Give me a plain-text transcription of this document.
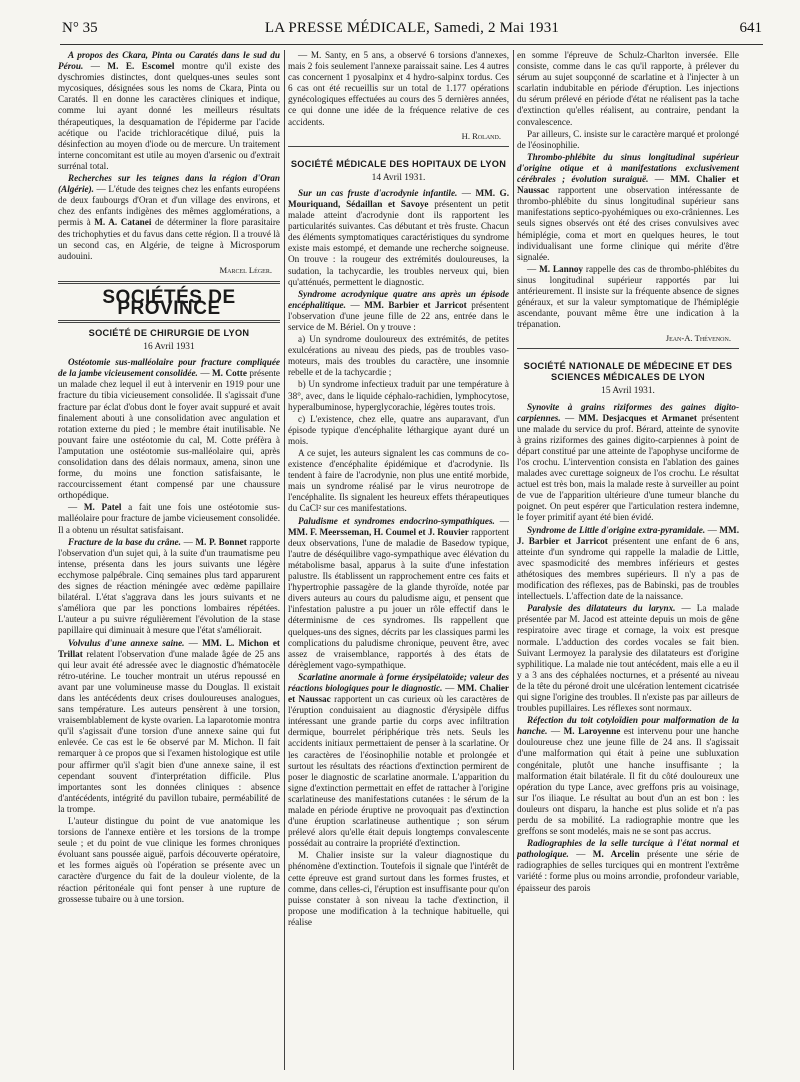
N° 35	LA PRESSE MÉDICALE, Samedi, 2 Mai 1931	641

A propos des Ckara, Pinta ou Caratés dans le sud du Pérou. — M. E. Escomel montre qu'il existe des dyschromies distinctes, dont quelques-unes seules sont mycosiques, désignées sous les noms de Ckara, Pinta ou Caratés. Il en donne les caractères cliniques et indique, comme lui ayant donné les meilleurs résultats thérapeutiques, la desquamation de l'épiderme par l'acide acétique ou l'acide trichloracétique dilué, puis la désinfection au moyen d'iode ou de mercure. Un traitement interne concomitant est utile au moyen d'arsenic ou d'extrait surrénal total.

Recherches sur les teignes dans la région d'Oran (Algérie). — L'étude des teignes chez les enfants européens de deux faubourgs d'Oran et d'un village des environs, et chez des enfants indigènes des mêmes agglomérations, a permis à M. A. Catanei de déterminer la flore parasitaire des trichophyties et du favus dans cette région. Il a trouvé là un second cas, en Algérie, de teigne à Microsporum audouini.

Marcel Léger.
SOCIÉTÉS DE PROVINCE
SOCIÉTÉ DE CHIRURGIE DE LYON
16 Avril 1931

Ostéotomie sus-malléolaire pour fracture compliquée de la jambe vicieusement consolidée. — M. Cotte présente un malade chez lequel il eut à intervenir en 1919 pour une fracture du tibia vicieusement consolidée. Il s'agissait d'une fracture par éclat d'obus dont le foyer avait suppuré et avait finalement abouti à une consolidation avec angulation et rotation externe du pied ; le membre était inutilisable. Ne pouvant faire une ostéotomie du cal, M. Cotte préfèra à l'amputation une ostéotomie sus-malléolaire qui, après consolidation dans des délais normaux, amena, sinon une forme, du moins une fonction satisfaisante, le raccourcissement étant compensé par une chaussure orthopédique.

— M. Patel a fait une fois une ostéotomie sus-malléolaire pour fracture de jambe vicieusement consolidée. Il a obtenu un résultat satisfaisant.

Fracture de la base du crâne. — M. P. Bonnet rapporte l'observation d'un sujet qui, à la suite d'un traumatisme peu intense, présenta dans les jours suivants une légère ecchymose palpébrale. Cinq semaines plus tard apparurent des signes de réaction méningée avec œdème papillaire bilatéral. L'état s'aggrava dans les jours suivants et ne s'améliora que par les ponctions lombaires répétées. L'auteur a pu suivre régulièrement l'évolution de la stase papillaire qui diminuait à mesure que l'état s'améliorait.

Volvulus d'une annexe saine. — MM. L. Michon et Trillat relatent l'observation d'une malade âgée de 25 ans qui leur avait été adressée avec le diagnostic d'hématocèle rétro-utérine. Le toucher montrait un utérus repoussé en avant par une volumineuse masse du Douglas. Il existait dans les antécédents deux crises douloureuses analogues, sans température. Les auteurs pensèrent à une torsion, vraisemblablement de kyste ovarien. La laparotomie montra qu'il s'agissait d'une torsion d'une annexe saine qui fut enlevée. Ce cas est le 6e observé par M. Michon. Il fait remarquer à ce propos que si l'examen histologique est utile pour affirmer qu'il s'agit bien d'une annexe saine, il est cependant souvent d'interprétation difficile. Plus importantes sont les données cliniques : absence d'antécédents, intégrité du pavillon tubaire, perméabilité de la trompe.

L'auteur distingue du point de vue anatomique les torsions de l'annexe entière et les torsions de la trompe seule ; et du point de vue clinique les formes chroniques évoluant sans poussée aiguë, parfois découverte opératoire, et les formes aiguës où l'opération se présente avec un caractère d'urgence du fait de la douleur violente, de la réaction péritonéale qui font penser à une rupture de grossesse tubaire ou à une torsion.

— M. Santy, en 5 ans, a observé 6 torsions d'annexes, mais 2 fois seulement l'annexe paraissait saine. Les 4 autres cas concernent 1 pyosalpinx et 4 hydro-salpinx tordus. Ces 6 cas ont été recueillis sur un total de 1.177 opérations gynécologiques effectuées au cours des 5 dernières années, ce qui donne une idée de la fréquence relative de ces accidents.

H. Roland.
SOCIÉTÉ MÉDICALE DES HOPITAUX DE LYON
14 Avril 1931.

Sur un cas fruste d'acrodynie infantile. — MM. G. Mouriquand, Sédaillan et Savoye présentent un petit malade atteint d'acrodynie dont ils rapportent les particularités suivantes. Cas débutant et très fruste. Chacun des éléments symptomatiques caractéristiques du syndrome existe mais estompé, et demande une recherche soigneuse. On trouve : la rougeur des extrémités douloureuses, la sudation, la tachycardie, les troubles nerveux qui, bien qu'atténués, permettent le diagnostic.

Syndrome acrodynique quatre ans après un épisode encéphalitique. — MM. Barbier et Jarricot présentent l'observation d'une jeune fille de 22 ans, entrée dans le service de M. Bériel. On y trouve :

a) Un syndrome douloureux des extrémités, de petites exulcérations au niveau des pieds, pas de troubles vaso-moteurs, mais des troubles du caractère, une insomnie rebelle et de la tachycardie ;

b) Un syndrome infectieux traduit par une température à 38°, avec, dans le liquide céphalo-rachidien, lymphocytose, hyperalbuminose, hyperglycorachie, légères toutes trois.

c) L'existence, chez elle, quatre ans auparavant, d'un épisode typique d'encéphalite léthargique ayant duré un mois.

A ce sujet, les auteurs signalent les cas communs de co-existence d'encéphalite épidémique et d'acrodynie. Ils tendent à faire de l'acrodynie, non plus une entité morbide, mais un syndrome réalisé par le virus neurotrope de l'encéphalite. Ils signalent les heureux effets thérapeutiques du CaCl² sur ces manifestations.

Paludisme et syndromes endocrino-sympathiques. — MM. F. Meersseman, H. Coumel et J. Rouvier rapportent deux observations, l'une de maladie de Basedow typique, l'autre de déséquilibre vago-sympathique avec élévation du métabolisme basal, apparus à la suite d'une infestation palustre. Ils établissent un rapprochement entre ces faits et l'hypertrophie passagère de la glande thyroïde, notée par divers auteurs au cours du paludisme aigu, et pensent que l'infestation palustre a pu jouer un rôle effectif dans le déterminisme de ces syndromes. Ils rappellent que quelques-uns des signes, décrits par les classiques parmi les complications du paludisme chronique, peuvent être, avec assez de vraisemblance, rapportés à des états de dérèglement vago-sympathique.

Scarlatine anormale à forme érysipélatoïde; valeur des réactions biologiques pour le diagnostic. — MM. Chalier et Naussac rapportent un cas curieux où les caractères de l'éruption conduisaient au diagnostic d'érysipèle diffus intéressant une grande partie du corps avec infiltration dermique, bourrelet périphérique très nets. Seuls les accidents initiaux permettaient de penser à la scarlatine. Or les caractères de l'éosinophilie notable et prolongée et surtout les résultats des réactions d'extinction permirent de poser le diagnostic de scarlatine anormale. L'apparition du signe d'extinction permettait en effet de rattacher à l'origine scarlatineuse des manifestations cutanées : le sérum de la malade en période éruptive ne provoquait pas d'extinction d'une éruption scarlatineuse authentique ; son sérum prélevé alors qu'elle était depuis longtemps convalescente possédait au contraire la propriété d'extinction.

M. Chalier insiste sur la valeur diagnostique du phénomène d'extinction. Toutefois il signale que l'intérêt de cette épreuve est grand surtout dans les formes frustes, et comme, dans celles-ci, l'éruption est insuffisante pour qu'on puisse constater à son niveau la tache d'extinction, il propose une modification à la technique habituelle, qui réalise

en somme l'épreuve de Schulz-Charlton inversée. Elle consiste, comme dans le cas qu'il rapporte, à prélever du sérum au sujet soupçonné de scarlatine et à l'injecter à un scarlatin indubitable en période d'éruption. Les injections du sérum prélevé en période d'état ne réalisent pas la tache d'extinction qu'elles réalisent, au contraire, pendant la convalescence.

Par ailleurs, C. insiste sur le caractère marqué et prolongé de l'éosinophilie.

Thrombo-phlébite du sinus longitudinal supérieur d'origine otique et à manifestations exclusivement cérébrales ; évolution suraiguë. — MM. Chalier et Naussac rapportent une observation intéressante de thrombo-phlébite du sinus longitudinal supérieur sans manifestations septico-pyohémiques ou exo-crâniennes. Les seuls signes observés ont été des crises convulsives avec hémiplégie, coma et mort en quelques heures, le tout individualisant une forme clinique qui mérite d'être signalée.

— M. Lannoy rappelle des cas de thrombo-phlébites du sinus longitudinal supérieur rapportés par lui antérieurement. Il insiste sur la fréquente absence de signes généraux, et sur la valeur symptomatique de l'hémiplégie ascendante, pouvant même être une indication à la trépanation.

Jean-A. Thévenon.
SOCIÉTÉ NATIONALE DE MÉDECINE ET DES SCIENCES MÉDICALES DE LYON
15 Avril 1931.

Synovite à grains riziformes des gaines digito-carpiennes. — MM. Desjacques et Armanet présentent une malade du service du prof. Bérard, atteinte de synovite à grains riziformes des gaines digito-carpiennes à point de départ constitué par une atteinte de l'apophyse unciforme de l'os crochu. L'intervention consista en l'ablation des gaines malades avec curettage soigneux de l'os crochu. Le résultat actuel est très bon, mais la malade reste à surveiller au point de vue de l'apparition ultérieure d'une tumeur blanche du poignet. On peut espérer que l'articulation restera indemne, le foyer primitif ayant été bien évidé.

Syndrome de Little d'origine extra-pyramidale. — MM. J. Barbier et Jarricot présentent une enfant de 6 ans, atteinte d'un syndrome qui rappelle la maladie de Little, avec spasmodicité des membres inférieurs et gestes athétosiques des membres supérieurs. Il n'y a pas de modification des réflexes, pas de Babinski, pas de troubles intellectuels. L'affection date de la naissance.

Paralysie des dilatateurs du larynx. — La malade présentée par M. Jacod est atteinte depuis un mois de gêne respiratoire avec tirage et cornage, la voix est presque normale. L'adduction des cordes vocales se fait bien. Suivant Lermoyez la paralysie des dilatateurs est d'origine syphilitique. La malade nie tout antécédent, mais elle a eu il y a 3 ans des céphalées nocturnes, et a présenté au niveau de la tête du péroné droit une ulcération lentement cicatrisée qui signe l'origine des troubles. Il n'existe pas par ailleurs de troubles pupillaires. Les réflexes sont normaux.

Réfection du toit cotyloïdien pour malformation de la hanche. — M. Laroyenne est intervenu pour une hanche douloureuse chez une jeune fille de 24 ans. Il s'agissait d'une malformation qui était à peine une subluxation congénitale, plutôt une hanche insuffisante ; la malformation était bilatérale. Il fit du côté douloureux une opération du type Lance, avec greffons pris au voisinage, sur l'os iliaque. Le résultat au bout d'un an est bon : les douleurs ont disparu, la hanche est plus solide et n'a pas perdu de sa mobilité. La radiographie montre que les greffons se sont modelés, mais ne se sont pas accrus.

Radiographies de la selle turcique à l'état normal et pathologique. — M. Arcelin présente une série de radiographies de selles turciques qui en montrent l'extrême variété : forme plus ou moins arrondie, profondeur variable, épaisseur des parois
